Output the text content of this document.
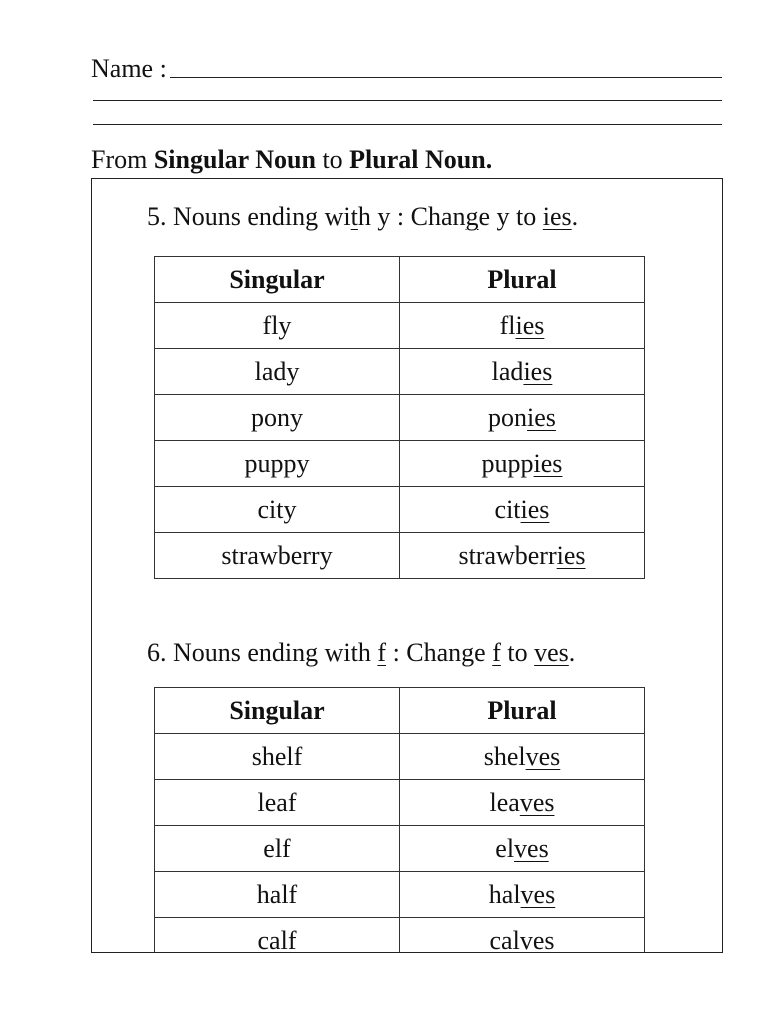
Name :
From Singular Noun to Plural Noun.
5. Nouns ending with y : Change y to ies.
Singular	Plural
fly	flies
lady	ladies
pony	ponies
puppy	puppies
city	cities
strawberry	strawberries
6. Nouns ending with f : Change f to ves.
Singular	Plural
shelf	shelves
leaf	leaves
elf	elves
half	halves
calf	calves
